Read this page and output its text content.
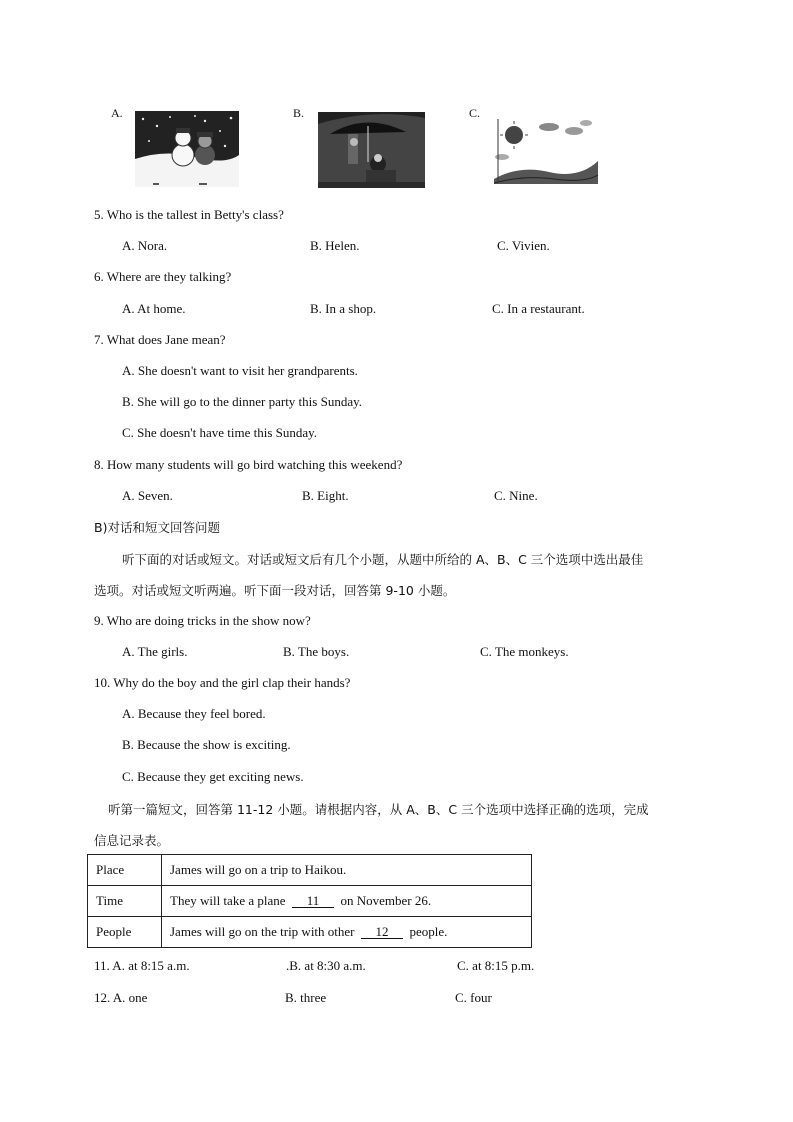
A.	B.	C.
5. Who is the tallest in Betty's class?
A. Nora.	B. Helen.	C. Vivien.
6. Where are they talking?
A. At home.	B. In a shop.	C. In a restaurant.
7. What does Jane mean?
A. She doesn't want to visit her grandparents.
B. She will go to the dinner party this Sunday.
C. She doesn't have time this Sunday.
8. How many students will go bird watching this weekend?
A. Seven.	B. Eight.	C. Nine.
B)对话和短文回答问题
听下面的对话或短文。对话或短文后有几个小题，从题中所给的 A、B、C 三个选项中选出最佳
选项。对话或短文听两遍。听下面一段对话，回答第 9-10 小题。
9. Who are doing tricks in the show now?
A. The girls.	B. The boys.	C. The monkeys.
10. Why do the boy and the girl clap their hands?
A. Because they feel bored.
B. Because the show is exciting.
C. Because they get exciting news.
听第一篇短文，回答第 11-12 小题。请根据内容，从 A、B、C 三个选项中选择正确的选项，完成
信息记录表。
Place	James will go on a trip to Haikou.
Time	They will take a plane 11 on November 26.
People	James will go on the trip with other 12 people.
11. A. at 8:15 a.m.	.B. at 8:30 a.m.	C. at 8:15 p.m.
12. A. one	B. three	C. four
